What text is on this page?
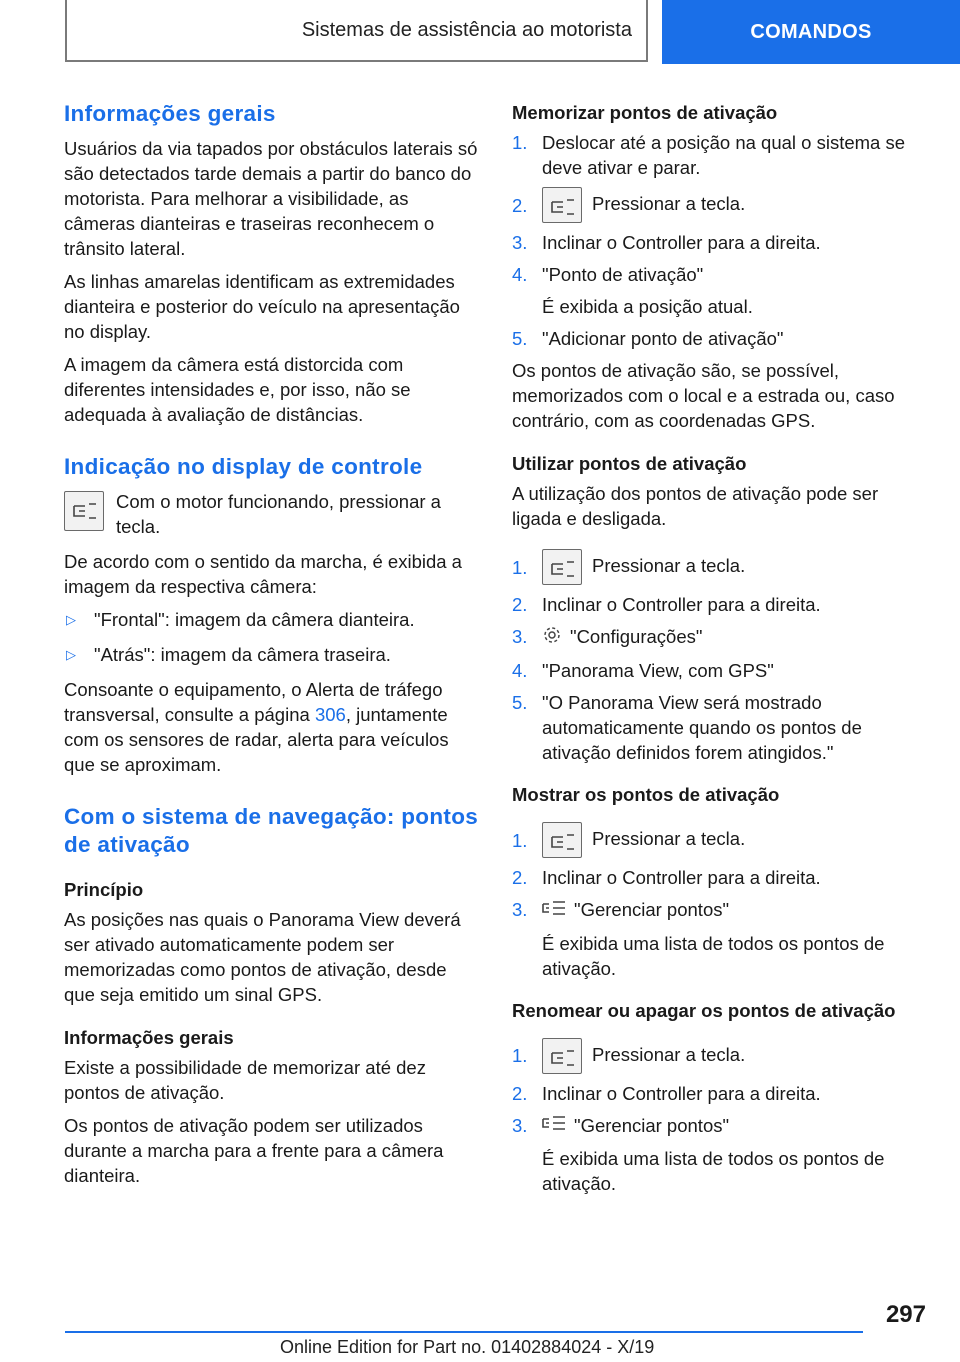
Sistemas de assistência ao motorista	COMANDOS
Informações gerais

Usuários da via tapados por obstáculos laterais só são detectados tarde demais a partir do banco do motorista. Para melhorar a visibilidade, as câmeras dianteiras e traseiras reconhecem o trânsito lateral.

As linhas amarelas identificam as extremidades dianteira e posterior do veículo na apresentação no display.

A imagem da câmera está distorcida com diferentes intensidades e, por isso, não se adequada à avaliação de distâncias.

Indicação no display de controle
Com o motor funcionando, pressionar a tecla.

De acordo com o sentido da marcha, é exibida a imagem da respectiva câmera:

▷ "Frontal": imagem da câmera dianteira.
▷ "Atrás": imagem da câmera traseira.

Consoante o equipamento, o Alerta de tráfego transversal, consulte a página 306, juntamente com os sensores de radar, alerta para veículos que se aproximam.

Com o sistema de navegação: pontos de ativação
Princípio

As posições nas quais o Panorama View deverá ser ativado automaticamente podem ser memorizadas como pontos de ativação, desde que seja emitido um sinal GPS.

Informações gerais

Existe a possibilidade de memorizar até dez pontos de ativação.

Os pontos de ativação podem ser utilizados durante a marcha para a frente para a câmera dianteira.

Memorizar pontos de ativação
1. Deslocar até a posição na qual o sistema se deve ativar e parar.
2.	Pressionar a tecla.
3. Inclinar o Controller para a direita.
4. "Ponto de ativação"

É exibida a posição atual.
5. "Adicionar ponto de ativação"

Os pontos de ativação são, se possível, memorizados com o local e a estrada ou, caso contrário, com as coordenadas GPS.

Utilizar pontos de ativação

A utilização dos pontos de ativação pode ser ligada e desligada.

1.	Pressionar a tecla.
2. Inclinar o Controller para a direita.
3.	"Configurações"
4. "Panorama View, com GPS"
5. "O Panorama View será mostrado automaticamente quando os pontos de ativação definidos forem atingidos."
Mostrar os pontos de ativação
1.	Pressionar a tecla.
2. Inclinar o Controller para a direita.
3.	"Gerenciar pontos"
É exibida uma lista de todos os pontos de ativação.
Renomear ou apagar os pontos de ativação
1.	Pressionar a tecla.
2. Inclinar o Controller para a direita.
3.	"Gerenciar pontos"
É exibida uma lista de todos os pontos de ativação.
297
Online Edition for Part no. 01402884024 - X/19
